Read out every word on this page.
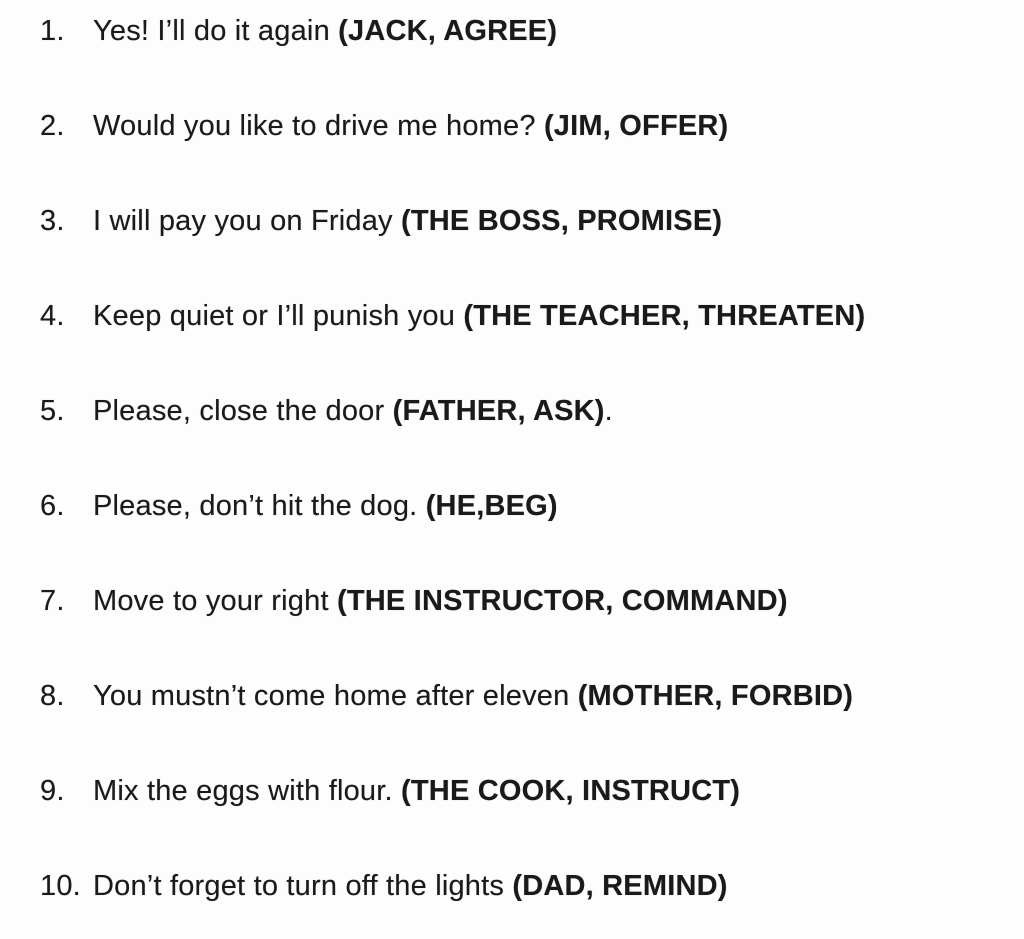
1. Yes! I’ll do it again (JACK, AGREE)
2. Would you like to drive me home? (JIM, OFFER)
3. I will pay you on Friday (THE BOSS, PROMISE)
4. Keep quiet or I’ll punish you (THE TEACHER, THREATEN)
5. Please, close the door (FATHER, ASK).
6. Please, don’t hit the dog. (HE,BEG)
7. Move to your right (THE INSTRUCTOR, COMMAND)
8. You mustn’t come home after eleven (MOTHER, FORBID)
9. Mix the eggs with flour. (THE COOK, INSTRUCT)
10. Don’t forget to turn off the lights (DAD, REMIND)
